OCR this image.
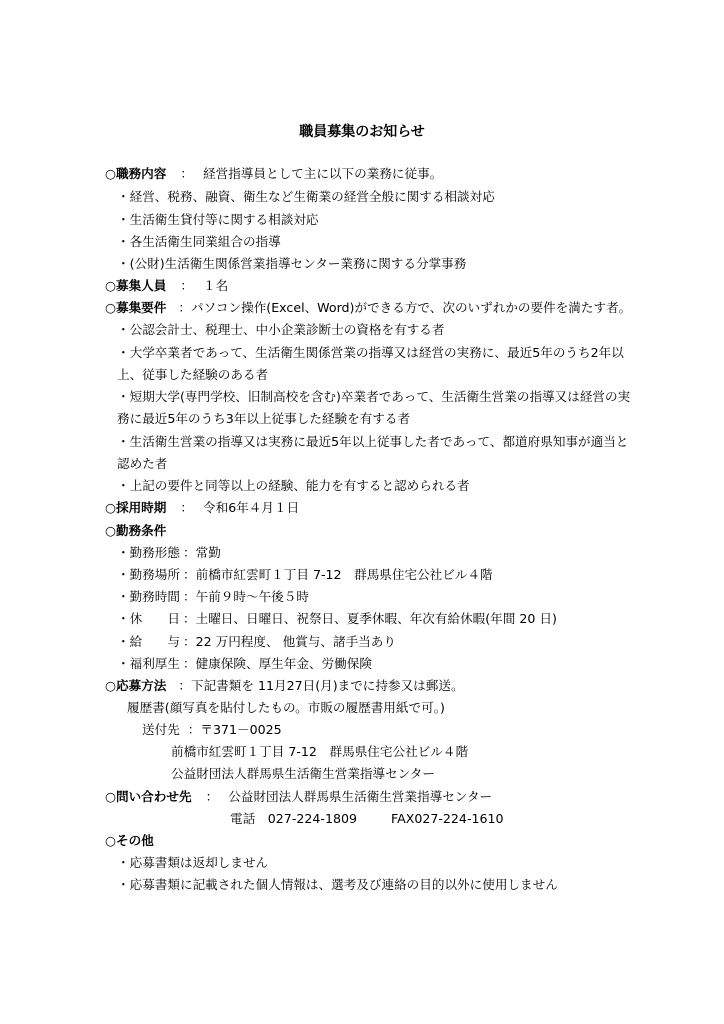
職員募集のお知らせ
○職務内容 ： 経営指導員として主に以下の業務に従事。
・経営、税務、融資、衛生など生衛業の経営全般に関する相談対応
・生活衛生貸付等に関する相談対応
・各生活衛生同業組合の指導
・(公財)生活衛生関係営業指導センター業務に関する分掌事務
○募集人員 ： １名
○募集要件 ：パソコン操作(Excel、Word)ができる方で、次のいずれかの要件を満たす者。
・公認会計士、税理士、中小企業診断士の資格を有する者
・大学卒業者であって、生活衛生関係営業の指導又は経営の実務に、最近5年のうち2年以
上、従事した経験のある者
・短期大学(専門学校、旧制高校を含む)卒業者であって、生活衛生営業の指導又は経営の実
務に最近5年のうち3年以上従事した経験を有する者
・生活衛生営業の指導又は実務に最近5年以上従事した者であって、都道府県知事が適当と
認めた者
・上記の要件と同等以上の経験、能力を有すると認められる者
○採用時期 ： 令和6年４月１日
○勤務条件
・勤務形態 ：常勤
・勤務場所 ：前橋市紅雲町１丁目 7-12　群馬県住宅公社ビル４階
・勤務時間 ：午前９時～午後５時
・休　　日 ：土曜日、日曜日、祝祭日、夏季休暇、年次有給休暇(年間 20 日)
・給　　与 ：22 万円程度、 他賞与、諸手当あり
・福利厚生 ：健康保険、厚生年金、労働保険
○応募方法 ：下記書類を 11月27日(月)までに持参又は郵送。
履歴書(顔写真を貼付したもの。市販の履歴書用紙で可。)
送付先 ：〒371－0025
前橋市紅雲町１丁目 7-12　群馬県住宅公社ビル４階
公益財団法人群馬県生活衛生営業指導センター
○問い合わせ先 ： 公益財団法人群馬県生活衛生営業指導センター
電話　027-224-1809	FAX027-224-1610
○その他
・応募書類は返却しません
・応募書類に記載された個人情報は、選考及び連絡の目的以外に使用しません
